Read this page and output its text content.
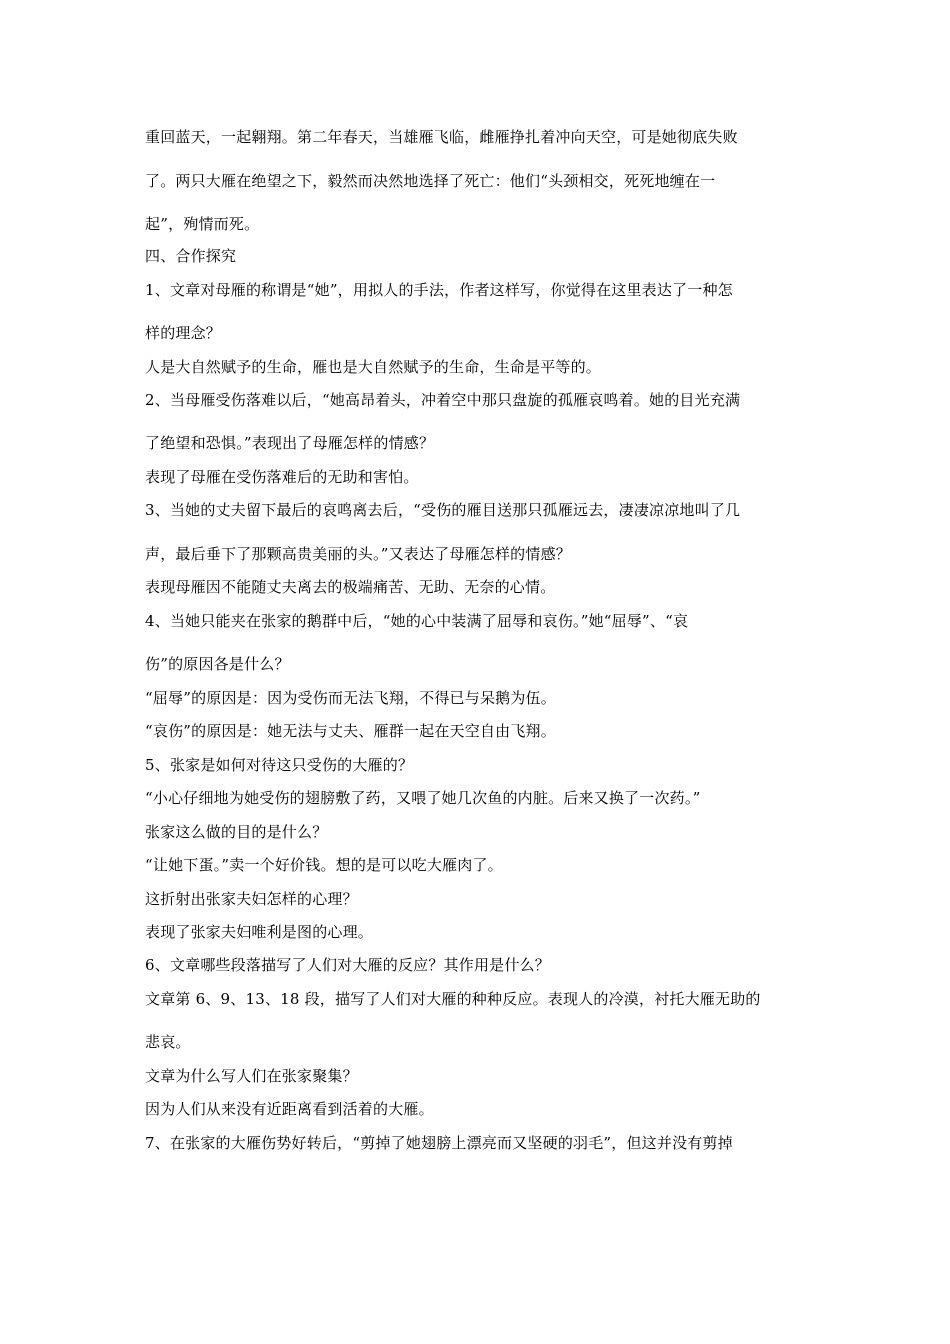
重回蓝天，一起翱翔。第二年春天，当雄雁飞临，雌雁挣扎着冲向天空，可是她彻底失败
了。两只大雁在绝望之下，毅然而决然地选择了死亡：他们“头颈相交，死死地缠在一
起”，殉情而死。
四、合作探究
1、文章对母雁的称谓是“她”，用拟人的手法，作者这样写，你觉得在这里表达了一种怎
样的理念？
人是大自然赋予的生命，雁也是大自然赋予的生命，生命是平等的。
2、当母雁受伤落难以后，“她高昂着头，冲着空中那只盘旋的孤雁哀鸣着。她的目光充满
了绝望和恐惧。”表现出了母雁怎样的情感？
表现了母雁在受伤落难后的无助和害怕。
3、当她的丈夫留下最后的哀鸣离去后，“受伤的雁目送那只孤雁远去，凄凄凉凉地叫了几
声，最后垂下了那颗高贵美丽的头。”又表达了母雁怎样的情感？
表现母雁因不能随丈夫离去的极端痛苦、无助、无奈的心情。
4、当她只能夹在张家的鹅群中后，“她的心中装满了屈辱和哀伤。”她“屈辱”、“哀
伤”的原因各是什么？
“屈辱”的原因是：因为受伤而无法飞翔，不得已与呆鹅为伍。
“哀伤”的原因是：她无法与丈夫、雁群一起在天空自由飞翔。
5、张家是如何对待这只受伤的大雁的？
“小心仔细地为她受伤的翅膀敷了药，又喂了她几次鱼的内脏。后来又换了一次药。”
张家这么做的目的是什么？
“让她下蛋。”卖一个好价钱。想的是可以吃大雁肉了。
这折射出张家夫妇怎样的心理？
表现了张家夫妇唯利是图的心理。
6、文章哪些段落描写了人们对大雁的反应？其作用是什么？
文章第 6、9、13、18 段，描写了人们对大雁的种种反应。表现人的冷漠，衬托大雁无助的
悲哀。
文章为什么写人们在张家聚集？
因为人们从来没有近距离看到活着的大雁。
7、在张家的大雁伤势好转后，“剪掉了她翅膀上漂亮而又坚硬的羽毛”，但这并没有剪掉
